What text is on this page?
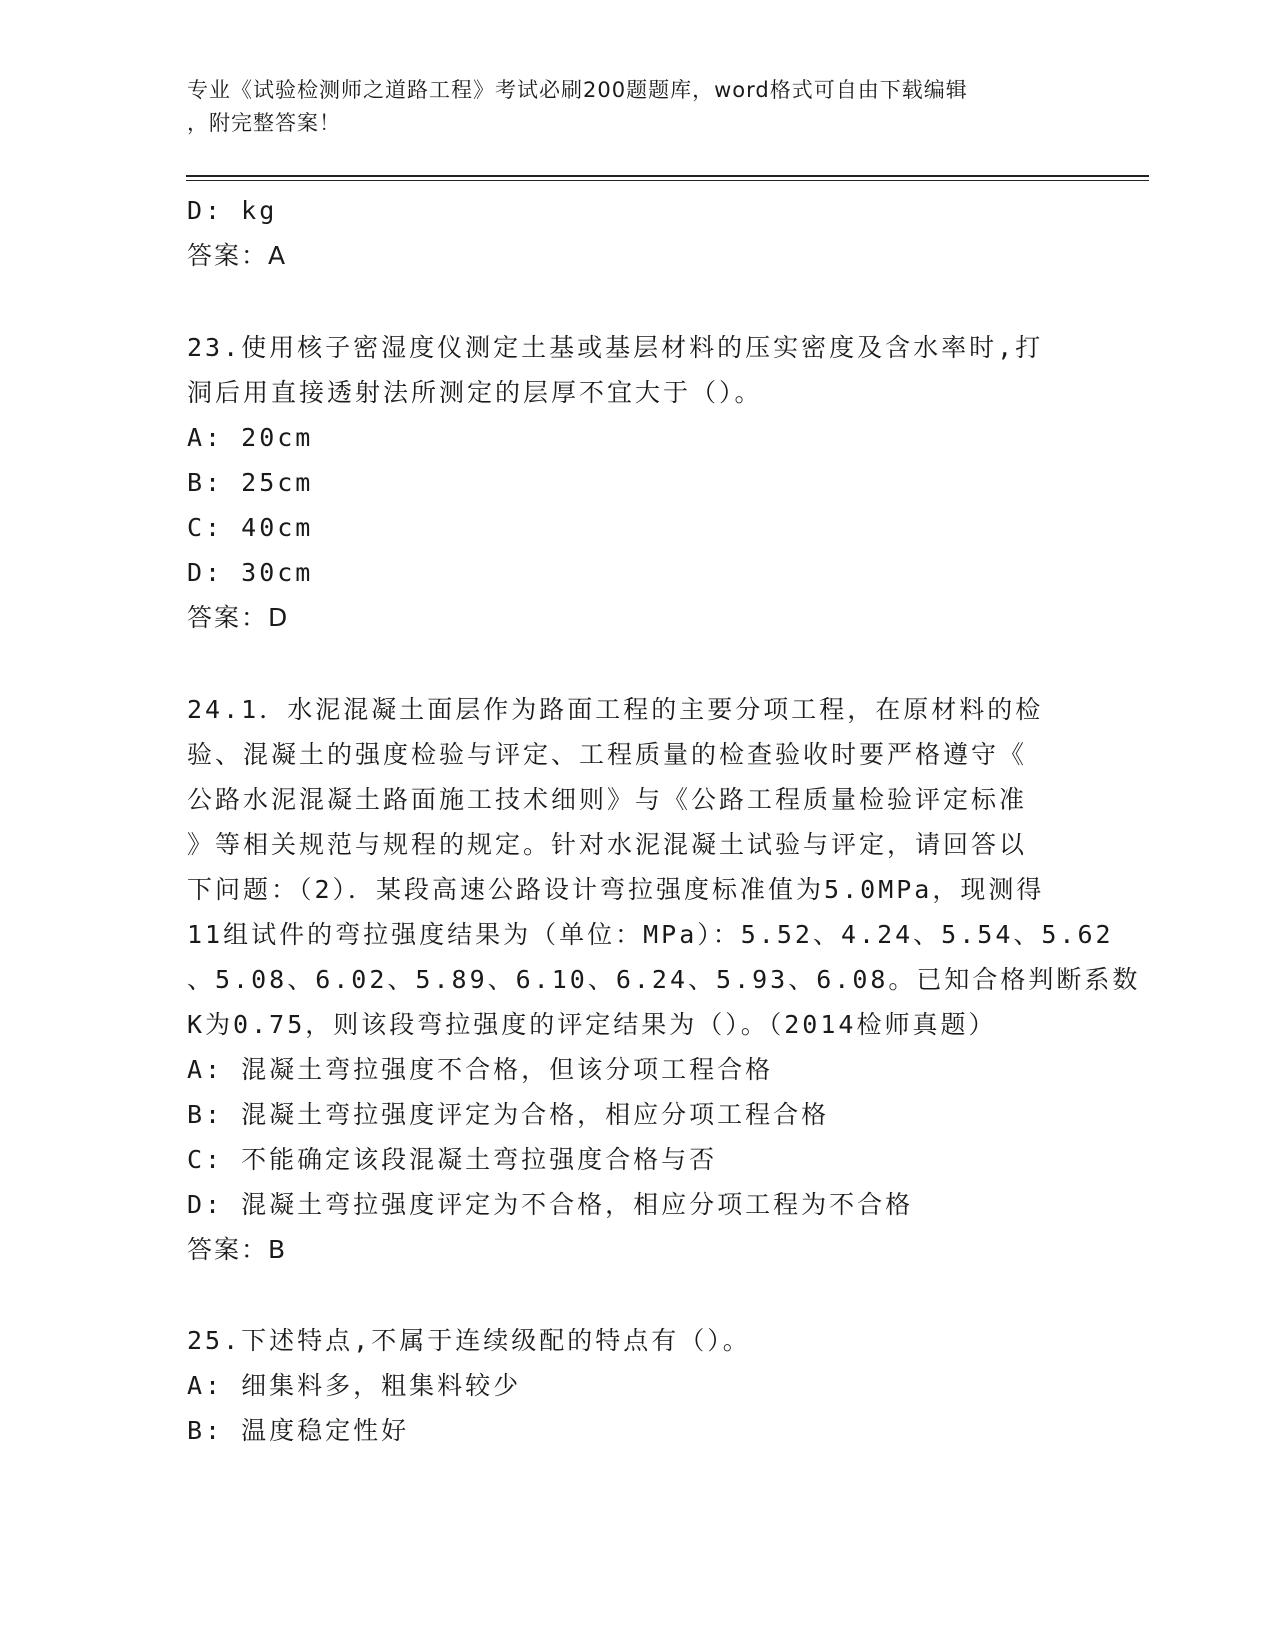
专业《试验检测师之道路工程》考试必刷200题题库，word格式可自由下载编辑
，附完整答案！
D: kg
答案：A
23.使用核子密湿度仪测定土基或基层材料的压实密度及含水率时,打
洞后用直接透射法所测定的层厚不宜大于（）。
A: 20cm
B: 25cm
C: 40cm
D: 30cm
答案：D
24.1．水泥混凝土面层作为路面工程的主要分项工程，在原材料的检
验、混凝土的强度检验与评定、工程质量的检查验收时要严格遵守《
公路水泥混凝土路面施工技术细则》与《公路工程质量检验评定标准
》等相关规范与规程的规定。针对水泥混凝土试验与评定，请回答以
下问题：（2）．某段高速公路设计弯拉强度标准值为5.0MPa，现测得
11组试件的弯拉强度结果为（单位：MPa）：5.52、4.24、5.54、5.62
、5.08、6.02、5.89、6.10、6.24、5.93、6.08。已知合格判断系数
K为0.75，则该段弯拉强度的评定结果为（）。（2014检师真题）
A: 混凝土弯拉强度不合格，但该分项工程合格
B: 混凝土弯拉强度评定为合格，相应分项工程合格
C: 不能确定该段混凝土弯拉强度合格与否
D: 混凝土弯拉强度评定为不合格，相应分项工程为不合格
答案：B
25.下述特点,不属于连续级配的特点有（）。
A: 细集料多，粗集料较少
B: 温度稳定性好
